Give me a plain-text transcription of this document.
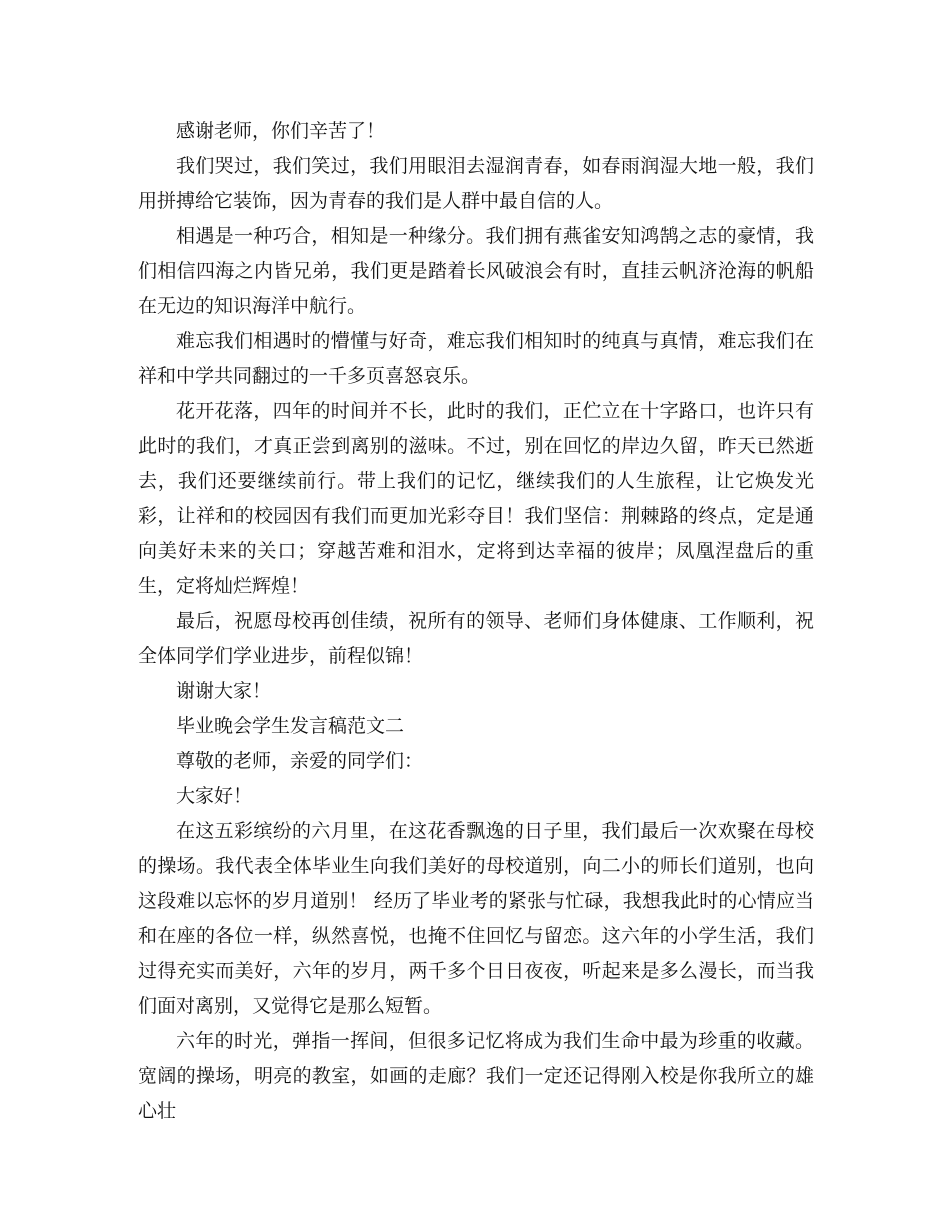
感谢老师，你们辛苦了！

我们哭过，我们笑过，我们用眼泪去湿润青春，如春雨润湿大地一般，我们用拼搏给它装饰，因为青春的我们是人群中最自信的人。

相遇是一种巧合，相知是一种缘分。我们拥有燕雀安知鸿鹄之志的豪情，我们相信四海之内皆兄弟，我们更是踏着长风破浪会有时，直挂云帆济沧海的帆船在无边的知识海洋中航行。

难忘我们相遇时的懵懂与好奇，难忘我们相知时的纯真与真情，难忘我们在祥和中学共同翻过的一千多页喜怒哀乐。

花开花落，四年的时间并不长，此时的我们，正伫立在十字路口，也许只有此时的我们，才真正尝到离别的滋味。不过，别在回忆的岸边久留，昨天已然逝去，我们还要继续前行。带上我们的记忆，继续我们的人生旅程，让它焕发光彩，让祥和的校园因有我们而更加光彩夺目！我们坚信：荆棘路的终点，定是通向美好未来的关口；穿越苦难和泪水，定将到达幸福的彼岸；凤凰涅盘后的重生，定将灿烂辉煌！

最后，祝愿母校再创佳绩，祝所有的领导、老师们身体健康、工作顺利，祝全体同学们学业进步，前程似锦！

谢谢大家！

毕业晚会学生发言稿范文二

尊敬的老师，亲爱的同学们：

大家好！

在这五彩缤纷的六月里，在这花香飘逸的日子里，我们最后一次欢聚在母校的操场。我代表全体毕业生向我们美好的母校道别，向二小的师长们道别，也向这段难以忘怀的岁月道别！ 经历了毕业考的紧张与忙碌，我想我此时的心情应当和在座的各位一样，纵然喜悦，也掩不住回忆与留恋。这六年的小学生活，我们过得充实而美好，六年的岁月，两千多个日日夜夜，听起来是多么漫长，而当我们面对离别，又觉得它是那么短暂。

六年的时光，弹指一挥间，但很多记忆将成为我们生命中最为珍重的收藏。宽阔的操场，明亮的教室，如画的走廊？我们一定还记得刚入校是你我所立的雄心壮
